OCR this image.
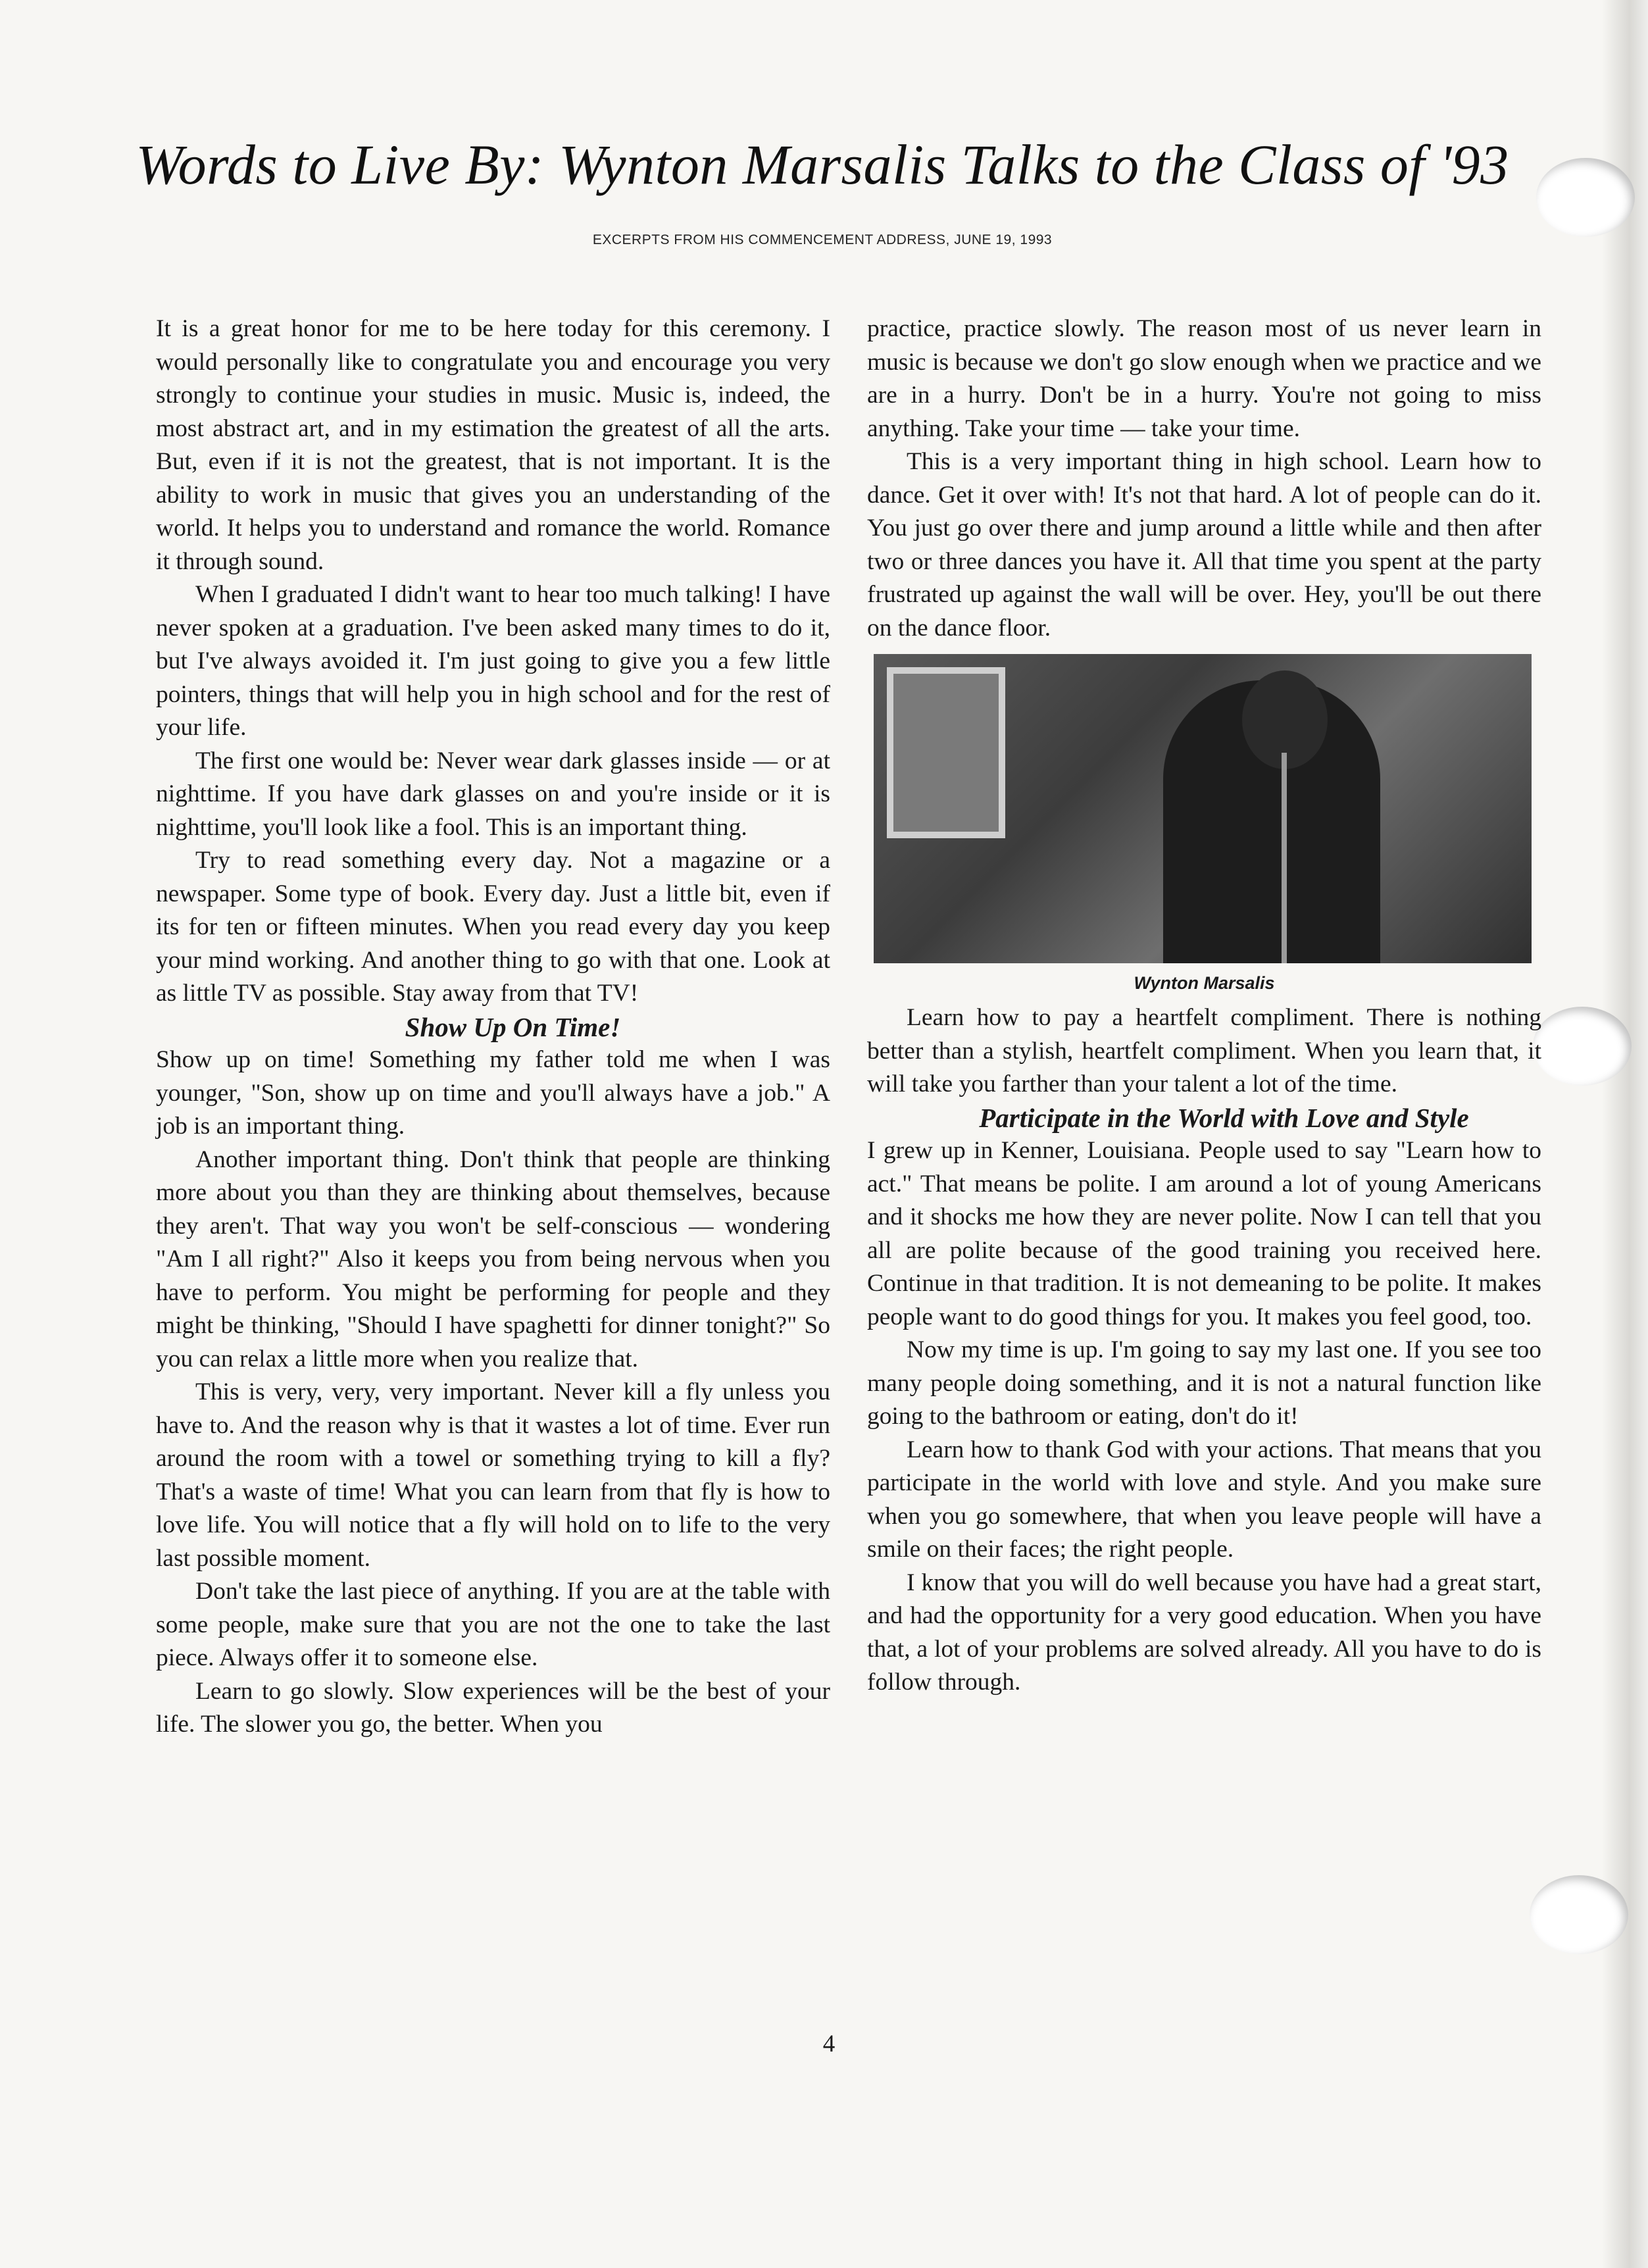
Words to Live By: Wynton Marsalis Talks to the Class of '93
EXCERPTS FROM HIS COMMENCEMENT ADDRESS, JUNE 19, 1993

It is a great honor for me to be here today for this ceremony. I would personally like to congratulate you and encourage you very strongly to continue your studies in music. Music is, indeed, the most abstract art, and in my estimation the greatest of all the arts. But, even if it is not the greatest, that is not important. It is the ability to work in music that gives you an understanding of the world. It helps you to understand and romance the world. Romance it through sound.

When I graduated I didn't want to hear too much talking! I have never spoken at a graduation. I've been asked many times to do it, but I've always avoided it. I'm just going to give you a few little pointers, things that will help you in high school and for the rest of your life.

The first one would be: Never wear dark glasses inside — or at nighttime. If you have dark glasses on and you're inside or it is nighttime, you'll look like a fool. This is an important thing.

Try to read something every day. Not a magazine or a newspaper. Some type of book. Every day. Just a little bit, even if its for ten or fifteen minutes. When you read every day you keep your mind working. And another thing to go with that one. Look at as little TV as possible. Stay away from that TV!

Show Up On Time!

Show up on time! Something my father told me when I was younger, "Son, show up on time and you'll always have a job." A job is an important thing.

Another important thing. Don't think that people are thinking more about you than they are thinking about themselves, because they aren't. That way you won't be self-conscious — wondering "Am I all right?" Also it keeps you from being nervous when you have to perform. You might be performing for people and they might be thinking, "Should I have spaghetti for dinner tonight?" So you can relax a little more when you realize that.

This is very, very, very important. Never kill a fly unless you have to. And the reason why is that it wastes a lot of time. Ever run around the room with a towel or something trying to kill a fly? That's a waste of time! What you can learn from that fly is how to love life. You will notice that a fly will hold on to life to the very last possible moment.

Don't take the last piece of anything. If you are at the table with some people, make sure that you are not the one to take the last piece. Always offer it to someone else.

Learn to go slowly. Slow experiences will be the best of your life. The slower you go, the better. When you

practice, practice slowly. The reason most of us never learn in music is because we don't go slow enough when we practice and we are in a hurry. Don't be in a hurry. You're not going to miss anything. Take your time — take your time.

This is a very important thing in high school. Learn how to dance. Get it over with! It's not that hard. A lot of people can do it. You just go over there and jump around a little while and then after two or three dances you have it. All that time you spent at the party frustrated up against the wall will be over. Hey, you'll be out there on the dance floor.

Wynton Marsalis

Learn how to pay a heartfelt compliment. There is nothing better than a stylish, heartfelt compliment. When you learn that, it will take you farther than your talent a lot of the time.

Participate in the World with Love and Style

I grew up in Kenner, Louisiana. People used to say "Learn how to act." That means be polite. I am around a lot of young Americans and it shocks me how they are never polite. Now I can tell that you all are polite because of the good training you received here. Continue in that tradition. It is not demeaning to be polite. It makes people want to do good things for you. It makes you feel good, too.

Now my time is up. I'm going to say my last one. If you see too many people doing something, and it is not a natural function like going to the bathroom or eating, don't do it!

Learn how to thank God with your actions. That means that you participate in the world with love and style. And you make sure when you go somewhere, that when you leave people will have a smile on their faces; the right people.

I know that you will do well because you have had a great start, and had the opportunity for a very good education. When you have that, a lot of your problems are solved already. All you have to do is follow through.

4
